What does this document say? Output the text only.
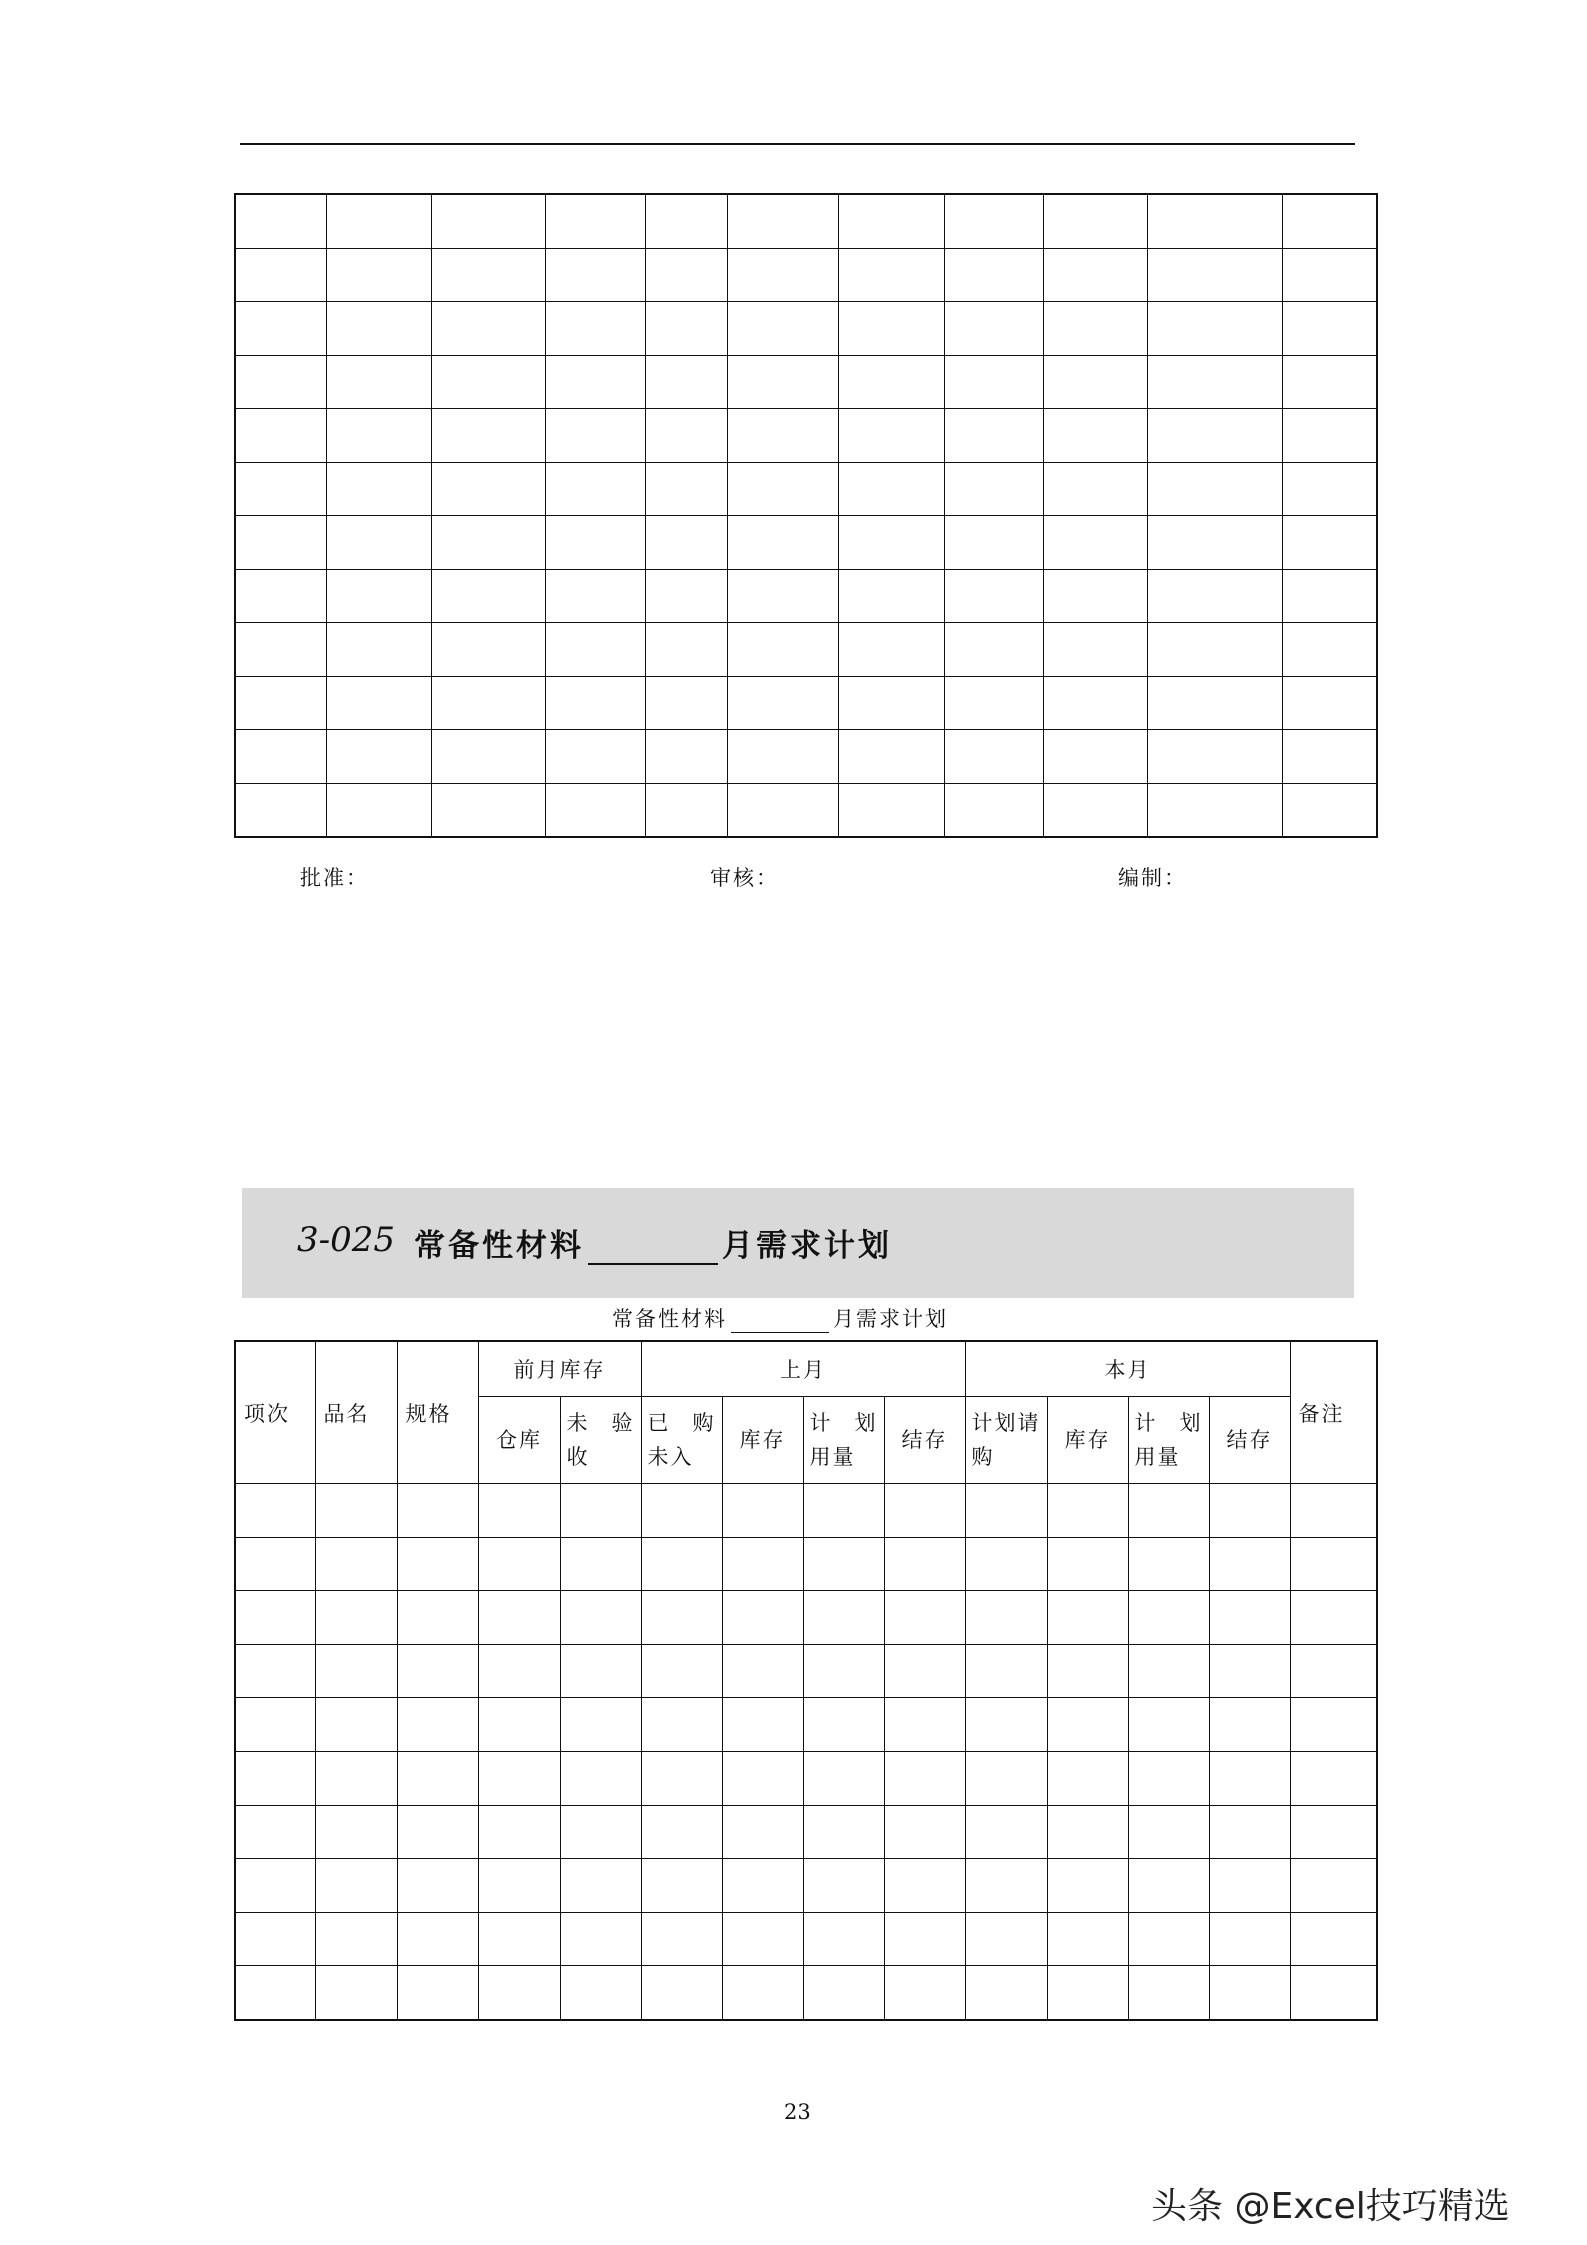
批准：	审核：	编制：
3-025 常备性材料	月需求计划
常备性材料	月需求计划
项次	品名	规格	前月库存		上月				本月				备注
			仓库	未验收	已购未入	库存	计划用量	结存	计划请购	库存	计划用量	结存	

23
头条 @Excel技巧精选
